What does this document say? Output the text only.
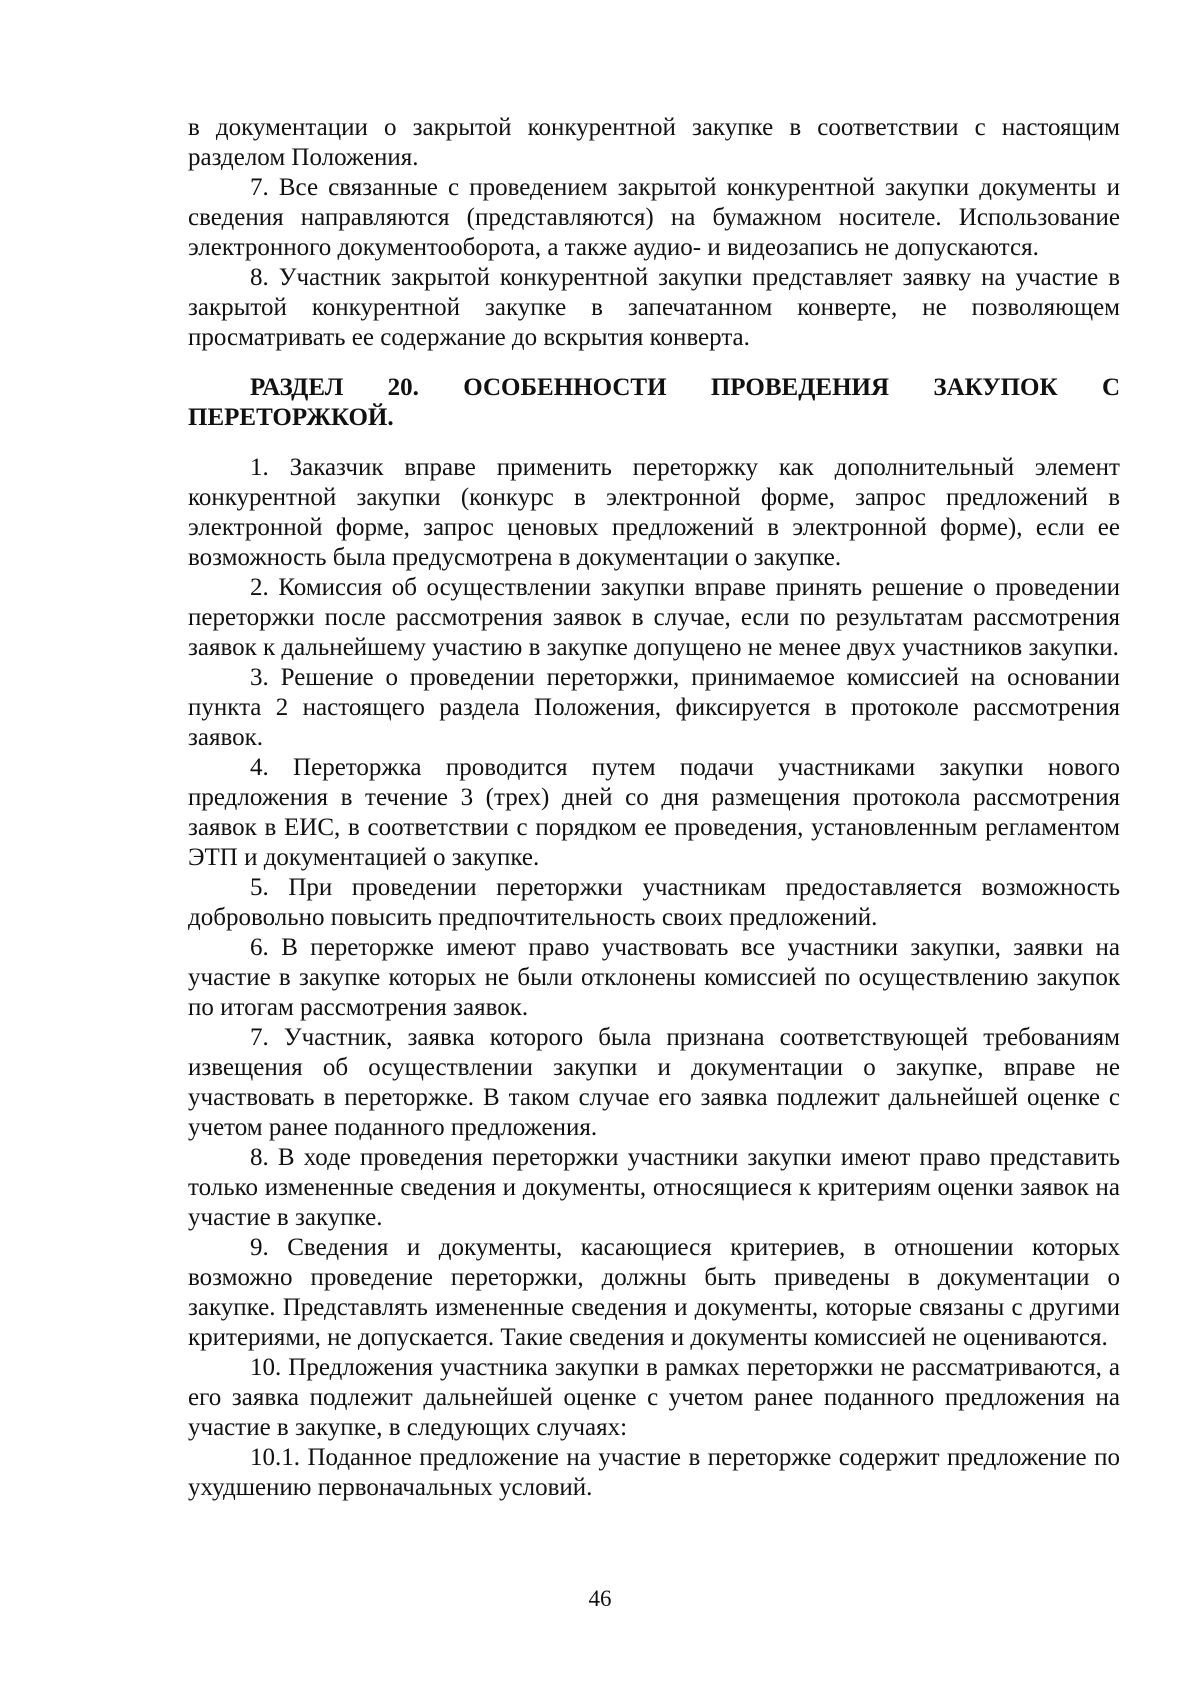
в документации о закрытой конкурентной закупке в соответствии с настоящим разделом Положения.

7. Все связанные с проведением закрытой конкурентной закупки документы и сведения направляются (представляются) на бумажном носителе. Использование электронного документооборота, а также аудио- и видеозапись не допускаются.

8. Участник закрытой конкурентной закупки представляет заявку на участие в закрытой конкурентной закупке в запечатанном конверте, не позволяющем просматривать ее содержание до вскрытия конверта.

РАЗДЕЛ 20. ОСОБЕННОСТИ ПРОВЕДЕНИЯ ЗАКУПОК С ПЕРЕТОРЖКОЙ.

1. Заказчик вправе применить переторжку как дополнительный элемент конкурентной закупки (конкурс в электронной форме, запрос предложений в электронной форме, запрос ценовых предложений в электронной форме), если ее возможность была предусмотрена в документации о закупке.

2. Комиссия об осуществлении закупки вправе принять решение о проведении переторжки после рассмотрения заявок в случае, если по результатам рассмотрения заявок к дальнейшему участию в закупке допущено не менее двух участников закупки.

3. Решение о проведении переторжки, принимаемое комиссией на основании пункта 2 настоящего раздела Положения, фиксируется в протоколе рассмотрения заявок.

4. Переторжка проводится путем подачи участниками закупки нового предложения в течение 3 (трех) дней со дня размещения протокола рассмотрения заявок в ЕИС, в соответствии с порядком ее проведения, установленным регламентом ЭТП и документацией о закупке.

5. При проведении переторжки участникам предоставляется возможность добровольно повысить предпочтительность своих предложений.

6. В переторжке имеют право участвовать все участники закупки, заявки на участие в закупке которых не были отклонены комиссией по осуществлению закупок по итогам рассмотрения заявок.

7. Участник, заявка которого была признана соответствующей требованиям извещения об осуществлении закупки и документации о закупке, вправе не участвовать в переторжке. В таком случае его заявка подлежит дальнейшей оценке с учетом ранее поданного предложения.

8. В ходе проведения переторжки участники закупки имеют право представить только измененные сведения и документы, относящиеся к критериям оценки заявок на участие в закупке.

9. Сведения и документы, касающиеся критериев, в отношении которых возможно проведение переторжки, должны быть приведены в документации о закупке. Представлять измененные сведения и документы, которые связаны с другими критериями, не допускается. Такие сведения и документы комиссией не оцениваются.

10. Предложения участника закупки в рамках переторжки не рассматриваются, а его заявка подлежит дальнейшей оценке с учетом ранее поданного предложения на участие в закупке, в следующих случаях:

10.1. Поданное предложение на участие в переторжке содержит предложение по ухудшению первоначальных условий.

46
